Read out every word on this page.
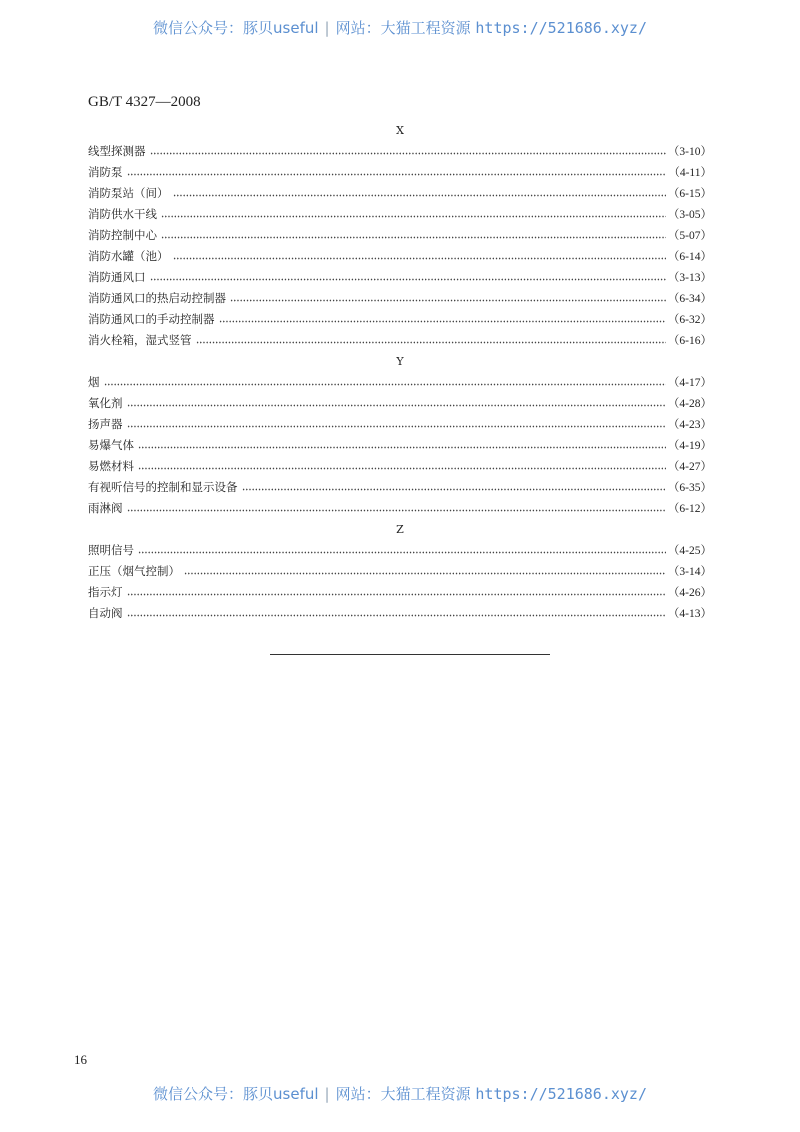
微信公众号：豚贝useful | 网站：大猫工程资源 https://521686.xyz/
GB/T 4327—2008
X
线型探测器	（3-10）
消防泵	（4-11）
消防泵站（间）	（6-15）
消防供水干线	（3-05）
消防控制中心	（5-07）
消防水罐（池）	（6-14）
消防通风口	（3-13）
消防通风口的热启动控制器	（6-34）
消防通风口的手动控制器	（6-32）
消火栓箱，湿式竖管	（6-16）
Y
烟	（4-17）
氧化剂	（4-28）
扬声器	（4-23）
易爆气体	（4-19）
易燃材料	（4-27）
有视听信号的控制和显示设备	（6-35）
雨淋阀	（6-12）
Z
照明信号	（4-25）
正压（烟气控制）	（3-14）
指示灯	（4-26）
自动阀	（4-13）
16
微信公众号：豚贝useful | 网站：大猫工程资源 https://521686.xyz/
